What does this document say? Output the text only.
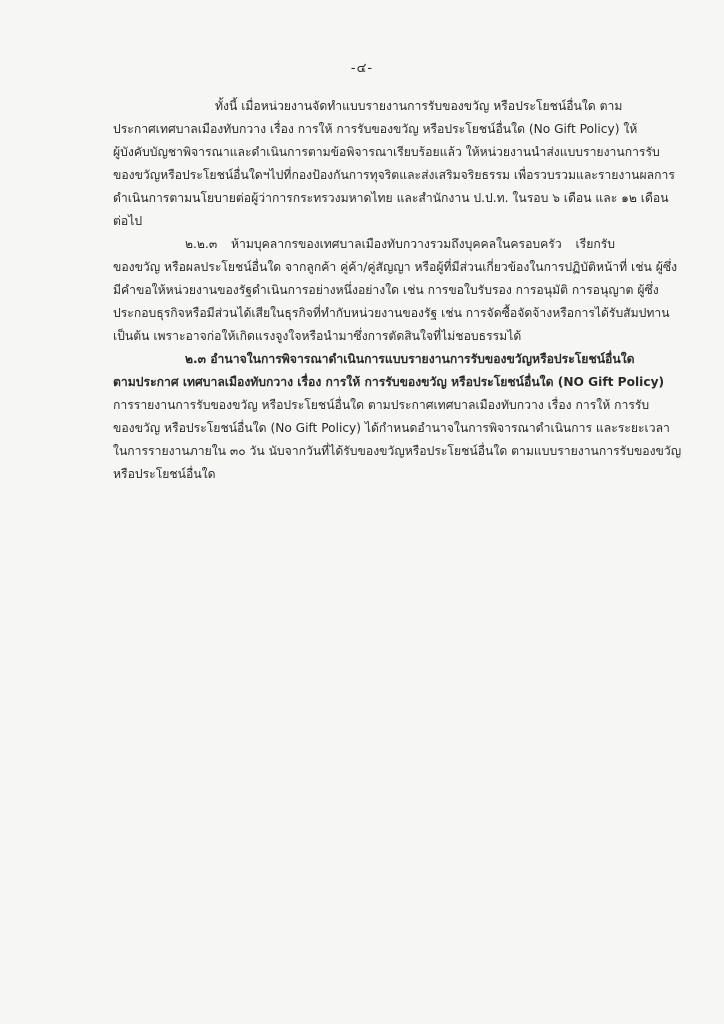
-๔-
ทั้งนี้ เมื่อหน่วยงานจัดทำแบบรายงานการรับของขวัญ หรือประโยชน์อื่นใด ตาม
ประกาศเทศบาลเมืองทับกวาง เรื่อง การให้ การรับของขวัญ หรือประโยชน์อื่นใด (No Gift Policy) ให้
ผู้บังคับบัญชาพิจารณาและดำเนินการตามข้อพิจารณาเรียบร้อยแล้ว ให้หน่วยงานนำส่งแบบรายงานการรับ
ของขวัญหรือประโยชน์อื่นใดฯไปที่กองป้องกันการทุจริตและส่งเสริมจริยธรรม เพื่อรวบรวมและรายงานผลการ
ดำเนินการตามนโยบายต่อผู้ว่าการกระทรวงมหาดไทย และสำนักงาน ป.ป.ท. ในรอบ ๖ เดือน และ ๑๒ เดือน
ต่อไป
๒.๒.๓ ห้ามบุคลากรของเทศบาลเมืองทับกวางรวมถึงบุคคลในครอบครัว เรียกรับ
ของขวัญ หรือผลประโยชน์อื่นใด จากลูกค้า คู่ค้า/คู่สัญญา หรือผู้ที่มีส่วนเกี่ยวข้องในการปฏิบัติหน้าที่ เช่น ผู้ซึ่ง
มีคำขอให้หน่วยงานของรัฐดำเนินการอย่างหนึ่งอย่างใด เช่น การขอใบรับรอง การอนุมัติ การอนุญาต ผู้ซึ่ง
ประกอบธุรกิจหรือมีส่วนได้เสียในธุรกิจที่ทำกับหน่วยงานของรัฐ เช่น การจัดซื้อจัดจ้างหรือการได้รับสัมปทาน
เป็นต้น เพราะอาจก่อให้เกิดแรงจูงใจหรือนำมาซึ่งการตัดสินใจที่ไม่ชอบธรรมได้
๒.๓ อำนาจในการพิจารณาดำเนินการแบบรายงานการรับของขวัญหรือประโยชน์อื่นใด
ตามประกาศ เทศบาลเมืองทับกวาง เรื่อง การให้ การรับของขวัญ หรือประโยชน์อื่นใด (NO Gift Policy)
การรายงานการรับของขวัญ หรือประโยชน์อื่นใด ตามประกาศเทศบาลเมืองทับกวาง เรื่อง การให้ การรับ
ของขวัญ หรือประโยชน์อื่นใด (No Gift Policy) ได้กำหนดอำนาจในการพิจารณาดำเนินการ และระยะเวลา
ในการรายงานภายใน ๓๐ วัน นับจากวันที่ได้รับของขวัญหรือประโยชน์อื่นใด ตามแบบรายงานการรับของขวัญ
หรือประโยชน์อื่นใด
